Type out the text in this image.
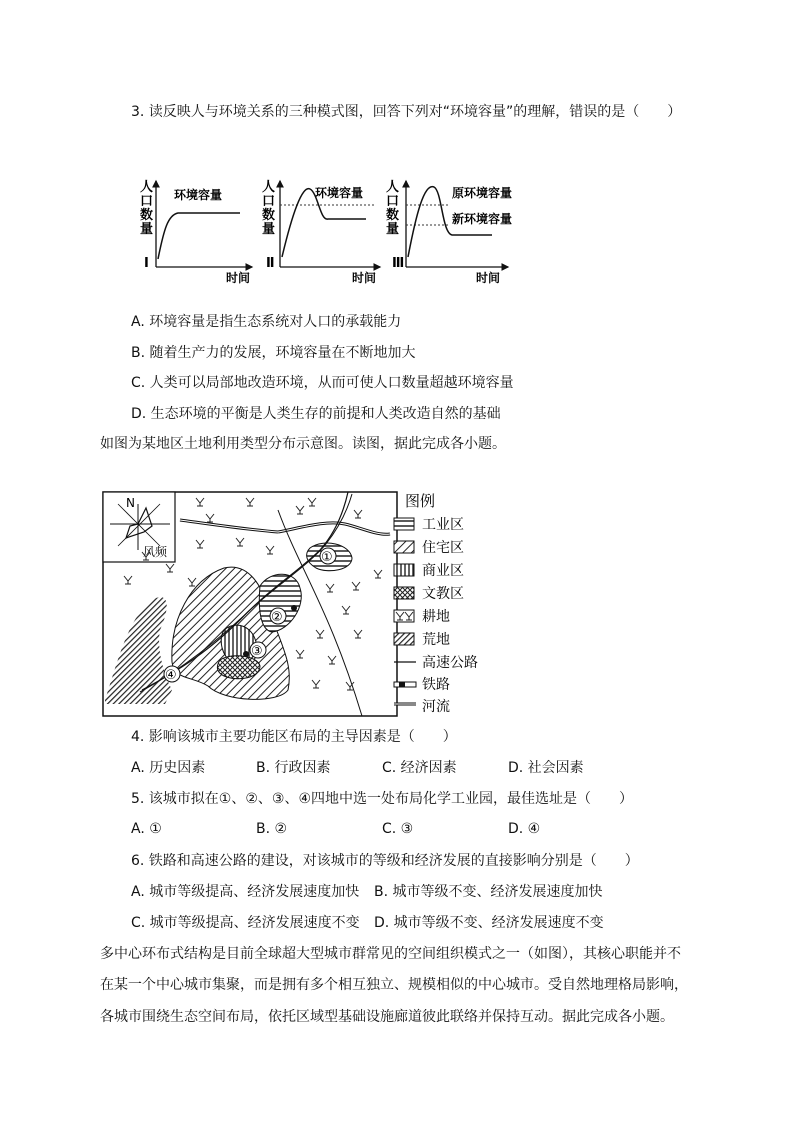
3. 读反映人与环境关系的三种模式图，回答下列对“环境容量”的理解，错误的是（　　）
人
口
数
量
环境容量
Ⅰ
时间
人
口
数
量
环境容量
Ⅱ
时间
人
口
数
量
原环境容量
新环境容量
Ⅲ
时间
A. 环境容量是指生态系统对人口的承载能力
B. 随着生产力的发展，环境容量在不断地加大
C. 人类可以局部地改造环境，从而可使人口数量超越环境容量
D. 生态环境的平衡是人类生存的前提和人类改造自然的基础
如图为某地区土地利用类型分布示意图。读图，据此完成各小题。
N
风频	①
②
③
④
图例
工业区
住宅区
商业区
文教区
耕地
荒地
高速公路
铁路
河流
4. 影响该城市主要功能区布局的主导因素是（　　）
A. 历史因素	B. 行政因素	C. 经济因素	D. 社会因素
5. 该城市拟在①、②、③、④四地中选一处布局化学工业园，最佳选址是（　　）
A. ①	B. ②	C. ③	D. ④
6. 铁路和高速公路的建设，对该城市的等级和经济发展的直接影响分别是（　　）
A. 城市等级提高、经济发展速度加快 B. 城市等级不变、经济发展速度加快
C. 城市等级提高、经济发展速度不变 D. 城市等级不变、经济发展速度不变
多中心环布式结构是目前全球超大型城市群常见的空间组织模式之一（如图），其核心职能并不
在某一个中心城市集聚，而是拥有多个相互独立、规模相似的中心城市。受自然地理格局影响，
各城市围绕生态空间布局，依托区域型基础设施廊道彼此联络并保持互动。据此完成各小题。
